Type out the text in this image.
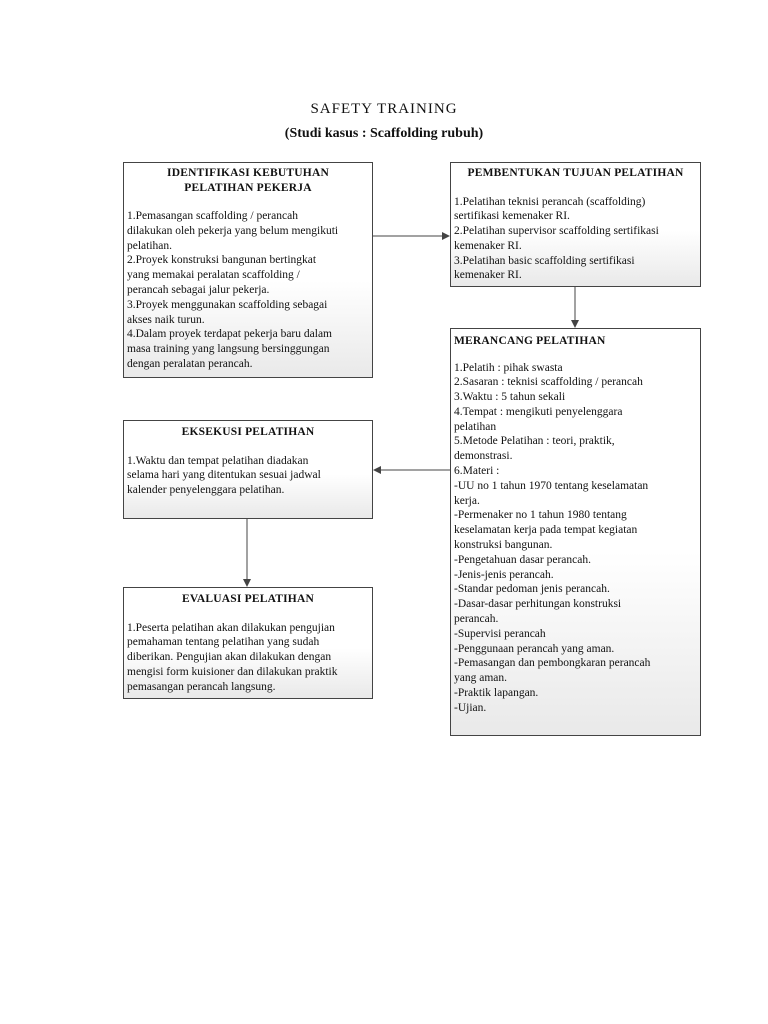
SAFETY TRAINING
(Studi kasus : Scaffolding rubuh)
IDENTIFIKASI KEBUTUHAN
PELATIHAN PEKERJA
1.Pemasangan scaffolding / perancah
dilakukan oleh pekerja yang belum mengikuti
pelatihan.
2.Proyek konstruksi bangunan bertingkat
yang memakai peralatan scaffolding /
perancah sebagai jalur pekerja.
3.Proyek menggunakan scaffolding sebagai
akses naik turun.
4.Dalam proyek terdapat pekerja baru dalam
masa training yang langsung bersinggungan
dengan peralatan perancah.
PEMBENTUKAN TUJUAN PELATIHAN
1.Pelatihan teknisi perancah (scaffolding)
sertifikasi kemenaker RI.
2.Pelatihan supervisor scaffolding sertifikasi
kemenaker RI.
3.Pelatihan basic scaffolding sertifikasi
kemenaker RI.
MERANCANG PELATIHAN
1.Pelatih : pihak swasta
2.Sasaran : teknisi scaffolding / perancah
3.Waktu : 5 tahun sekali
4.Tempat : mengikuti penyelenggara
pelatihan
5.Metode Pelatihan : teori, praktik,
demonstrasi.
6.Materi :
-UU no 1 tahun 1970 tentang keselamatan
kerja.
-Permenaker no 1 tahun 1980 tentang
keselamatan kerja pada tempat kegiatan
konstruksi bangunan.
-Pengetahuan dasar perancah.
-Jenis-jenis perancah.
-Standar pedoman jenis perancah.
-Dasar-dasar perhitungan konstruksi
perancah.
-Supervisi perancah
-Penggunaan perancah yang aman.
-Pemasangan dan pembongkaran perancah
yang aman.
-Praktik lapangan.
-Ujian.
EKSEKUSI PELATIHAN
1.Waktu dan tempat pelatihan diadakan
selama hari yang ditentukan sesuai jadwal
kalender penyelenggara pelatihan.
EVALUASI PELATIHAN
1.Peserta pelatihan akan dilakukan pengujian
pemahaman tentang pelatihan yang sudah
diberikan. Pengujian akan dilakukan dengan
mengisi form kuisioner dan dilakukan praktik
pemasangan perancah langsung.
